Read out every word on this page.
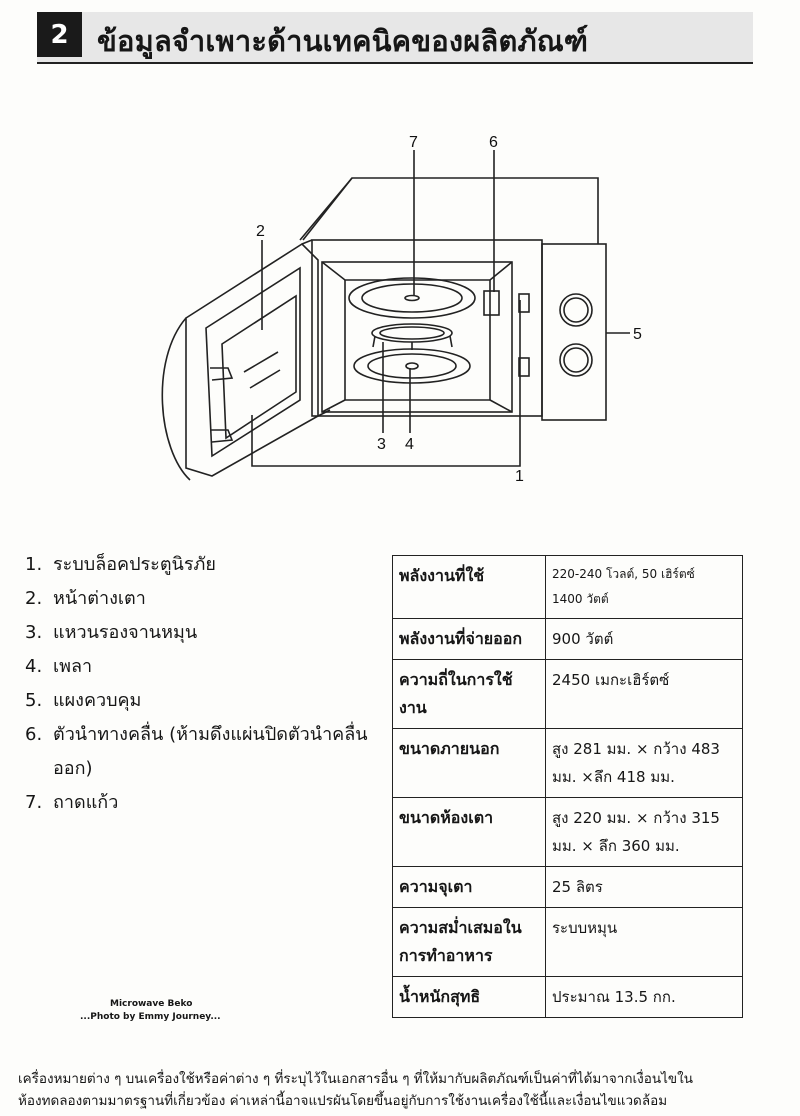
2 ข้อมูลจำเพาะด้านเทคนิคของผลิตภัณฑ์
7	6
2
5
3 4
1
1. ระบบล็อคประตูนิรภัย
2. หน้าต่างเตา
3. แหวนรองจานหมุน
4. เพลา
5. แผงควบคุม
6. ตัวนำทางคลื่น (ห้ามดึงแผ่นปิดตัวนำคลื่นออก)
7. ถาดแก้ว
พลังงานที่ใช้	220-240 โวลต์, 50 เฮิร์ตซ์
1400 วัตต์

พลังงานที่จ่ายออก	900 วัตต์
ความถี่ในการใช้งาน	2450 เมกะเฮิร์ตซ์
ขนาดภายนอก	สูง 281 มม. × กว้าง 483 มม. ×ลึก 418 มม.
ขนาดห้องเตา	สูง 220 มม. × กว้าง 315 มม. × ลึก 360 มม.
ความจุเตา	25 ลิตร
ความสม่ำเสมอในการทำอาหาร	ระบบหมุน
น้ำหนักสุทธิ	ประมาณ 13.5 กก.
Microwave Beko
...Photo by Emmy Journey...
เครื่องหมายต่าง ๆ บนเครื่องใช้หรือค่าต่าง ๆ ที่ระบุไว้ในเอกสารอื่น ๆ ที่ให้มากับผลิตภัณฑ์เป็นค่าที่ได้มาจากเงื่อนไขใน
ห้องทดลองตามมาตรฐานที่เกี่ยวข้อง ค่าเหล่านี้อาจแปรผันโดยขึ้นอยู่กับการใช้งานเครื่องใช้นี้และเงื่อนไขแวดล้อม
